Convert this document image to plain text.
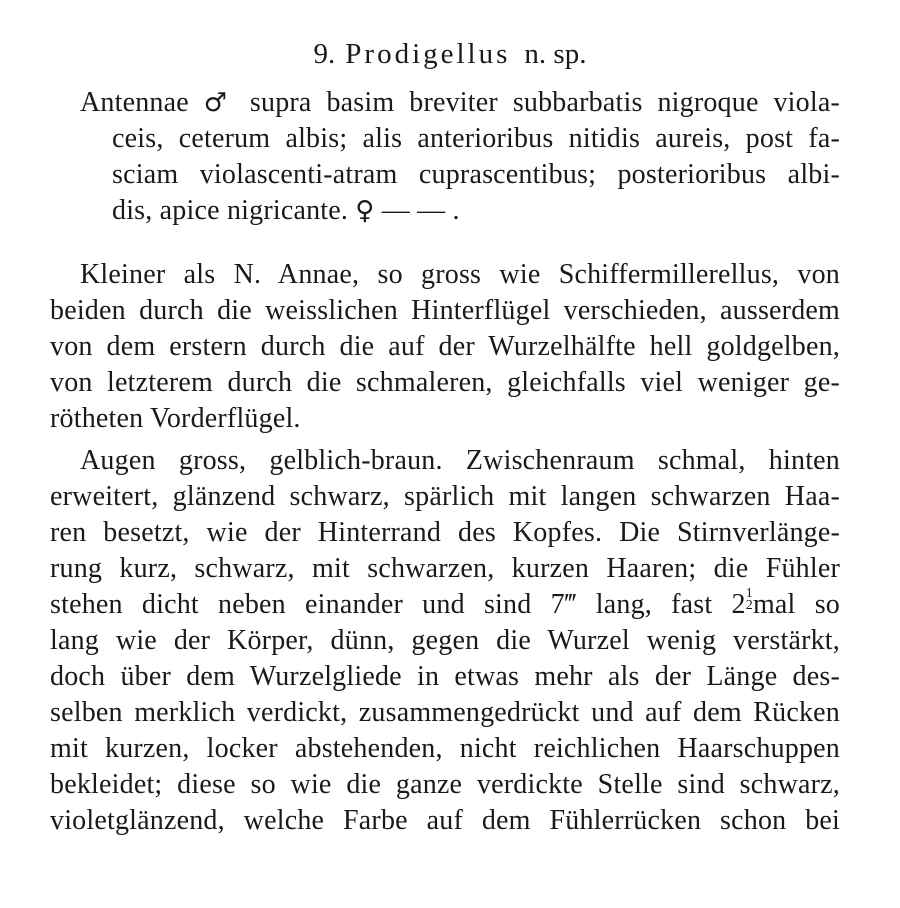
9. Prodigellus n. sp.
Antennae ♂ supra basim breviter subbarbatis nigroque viola-
ceis, ceterum albis; alis anterioribus nitidis aureis, post fa-
sciam violascenti-atram cuprascentibus; posterioribus albi-
dis, apice nigricante. ♀ — — .
Kleiner als N. Annae, so gross wie Schiffermillerellus, von
beiden durch die weisslichen Hinterflügel verschieden, ausserdem
von dem erstern durch die auf der Wurzelhälfte hell goldgelben,
von letzterem durch die schmaleren, gleichfalls viel weniger ge-
rötheten Vorderflügel.
Augen gross, gelblich-braun. Zwischenraum schmal, hinten
erweitert, glänzend schwarz, spärlich mit langen schwarzen Haa-
ren besetzt, wie der Hinterrand des Kopfes. Die Stirnverlänge-
rung kurz, schwarz, mit schwarzen, kurzen Haaren; die Fühler
stehen dicht neben einander und sind 7‴ lang, fast 2 1
2 mal so
lang wie der Körper, dünn, gegen die Wurzel wenig verstärkt,
doch über dem Wurzelgliede in etwas mehr als der Länge des-
selben merklich verdickt, zusammengedrückt und auf dem Rücken
mit kurzen, locker abstehenden, nicht reichlichen Haarschuppen
bekleidet; diese so wie die ganze verdickte Stelle sind schwarz,
violetglänzend, welche Farbe auf dem Fühlerrücken schon bei
